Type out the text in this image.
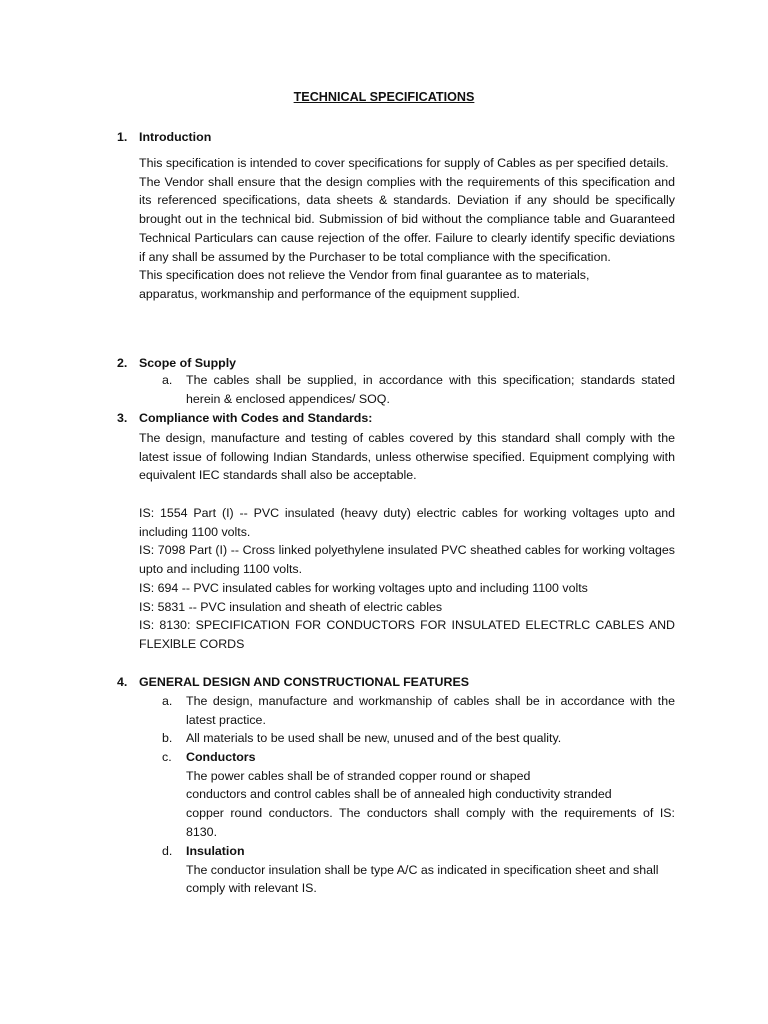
TECHNICAL SPECIFICATIONS
1. Introduction

This specification is intended to cover specifications for supply of Cables as per specified details.

The Vendor shall ensure that the design complies with the requirements of this specification and its referenced specifications, data sheets & standards. Deviation if any should be specifically brought out in the technical bid. Submission of bid without the compliance table and Guaranteed Technical Particulars can cause rejection of the offer. Failure to clearly identify specific deviations if any shall be assumed by the Purchaser to be total compliance with the specification.

This specification does not relieve the Vendor from final guarantee as to materials, apparatus, workmanship and performance of the equipment supplied.

2. Scope of Supply
a.	The cables shall be supplied, in accordance with this specification; standards stated herein & enclosed appendices/ SOQ.

3. Compliance with Codes and Standards:

The design, manufacture and testing of cables covered by this standard shall comply with the latest issue of following Indian Standards, unless otherwise specified. Equipment complying with equivalent IEC standards shall also be acceptable.

IS: 1554 Part (I) -- PVC insulated (heavy duty) electric cables for working voltages upto and including 1100 volts.

IS: 7098 Part (I) -- Cross linked polyethylene insulated PVC sheathed cables for working voltages upto and including 1100 volts.

IS: 694 -- PVC insulated cables for working voltages upto and including 1100 volts

IS: 5831 -- PVC insulation and sheath of electric cables

IS: 8130: SPECIFICATION FOR CONDUCTORS FOR INSULATED ELECTRLC CABLES AND FLEXlBLE CORDS

4. GENERAL DESIGN AND CONSTRUCTIONAL FEATURES
a.	The design, manufacture and workmanship of cables shall be in accordance with the latest practice.

b.	All materials to be used shall be new, unused and of the best quality.

c.	Conductors

The power cables shall be of stranded copper round or shaped

conductors and control cables shall be of annealed high conductivity stranded

copper round conductors. The conductors shall comply with the requirements of IS: 8130.

d.	Insulation

The conductor insulation shall be type A/C as indicated in specification sheet and shall comply with relevant IS.
